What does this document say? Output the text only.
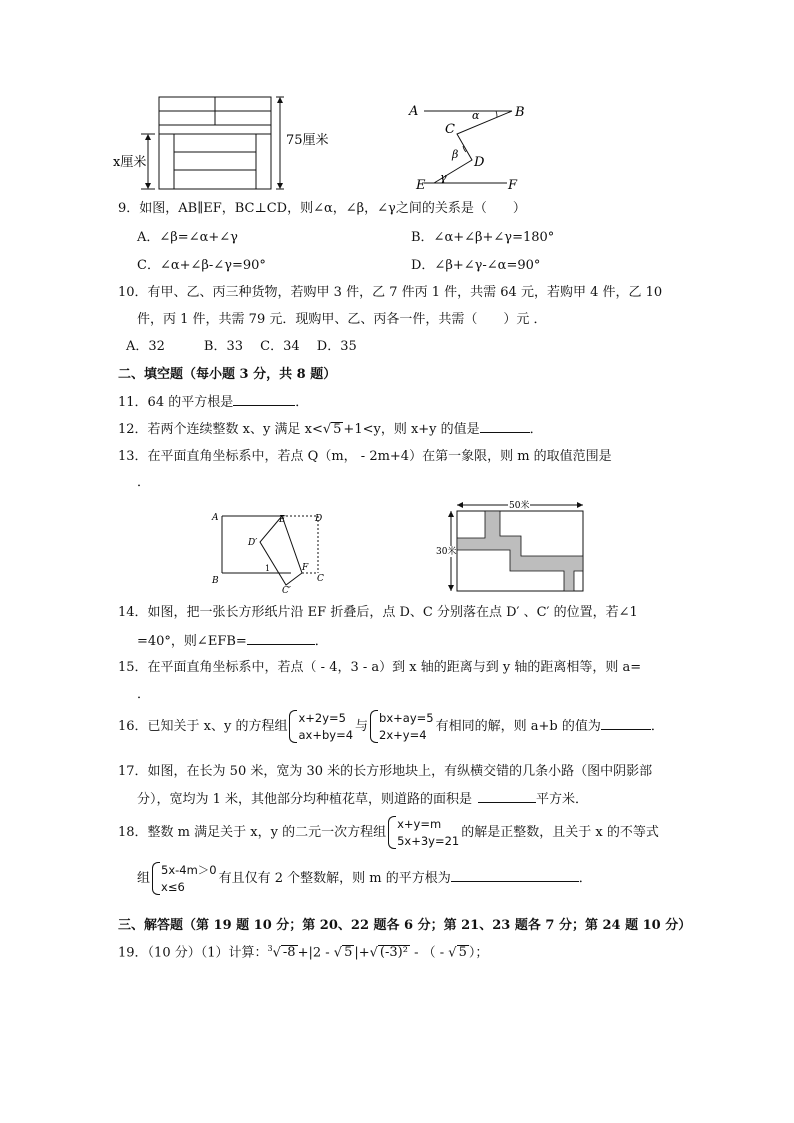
75厘米
x厘米
A	B
C
D
E	F
α
β
γ
9．如图，AB∥EF，BC⊥CD，则∠α，∠β，∠γ之间的关系是（　　）
A．∠β=∠α+∠γ	B．∠α+∠β+∠γ=180°
C．∠α+∠β-∠γ=90°	D．∠β+∠γ-∠α=90°
10．有甲、乙、丙三种货物，若购甲 3 件，乙 7 件丙 1 件，共需 64 元，若购甲 4 件，乙 10
件，丙 1 件，共需 79 元．现购甲、乙、丙各一件，共需（　　）元 ．
A．32　　　B．33　 C．34　 D．35
二、填空题（每小题 3 分，共 8 题）
11．64 的平方根是	．
12．若两个连续整数 x、y 满足 x<√ 5 +1<y，则 x+y 的值是	．
13．在平面直角坐标系中，若点 Q（m， - 2m+4）在第一象限，则 m 的取值范围是
．
A	E	D
D′
B
1
C
C′
F
50米
30米
14．如图，把一张长方形纸片沿 EF 折叠后，点 D、C 分别落在点 D′ 、C′ 的位置，若∠1
=40°，则∠EFB=	．
15．在平面直角坐标系中，若点（ - 4，3 - a）到 x 轴的距离与到 y 轴的距离相等，则 a=
．
16．已知关于 x、y 的方程组
x+2y=5
ax+by=4
与
bx+ay=5
2x+y=4
有相同的解，则 a+b 的值为	．
17．如图，在长为 50 米，宽为 30 米的长方形地块上，有纵横交错的几条小路（图中阴影部
分），宽均为 1 米，其他部分均种植花草，则道路的面积是	平方米．
18．整数 m 满足关于 x，y 的二元一次方程组
x+y=m
5x+3y=21
的解是正整数，且关于 x 的不等式
组
5x-4m＞0
x≤6
有且仅有 2 个整数解，则 m 的平方根为	．
三、解答题（第 19 题 10 分；第 20、22 题各 6 分；第 21、23 题各 7 分；第 24 题 10 分）
19．（10 分）（1）计算：$^3$√ -8 +|2 - √ 5 |+√ (-3)² - （ - √ 5 ）；
